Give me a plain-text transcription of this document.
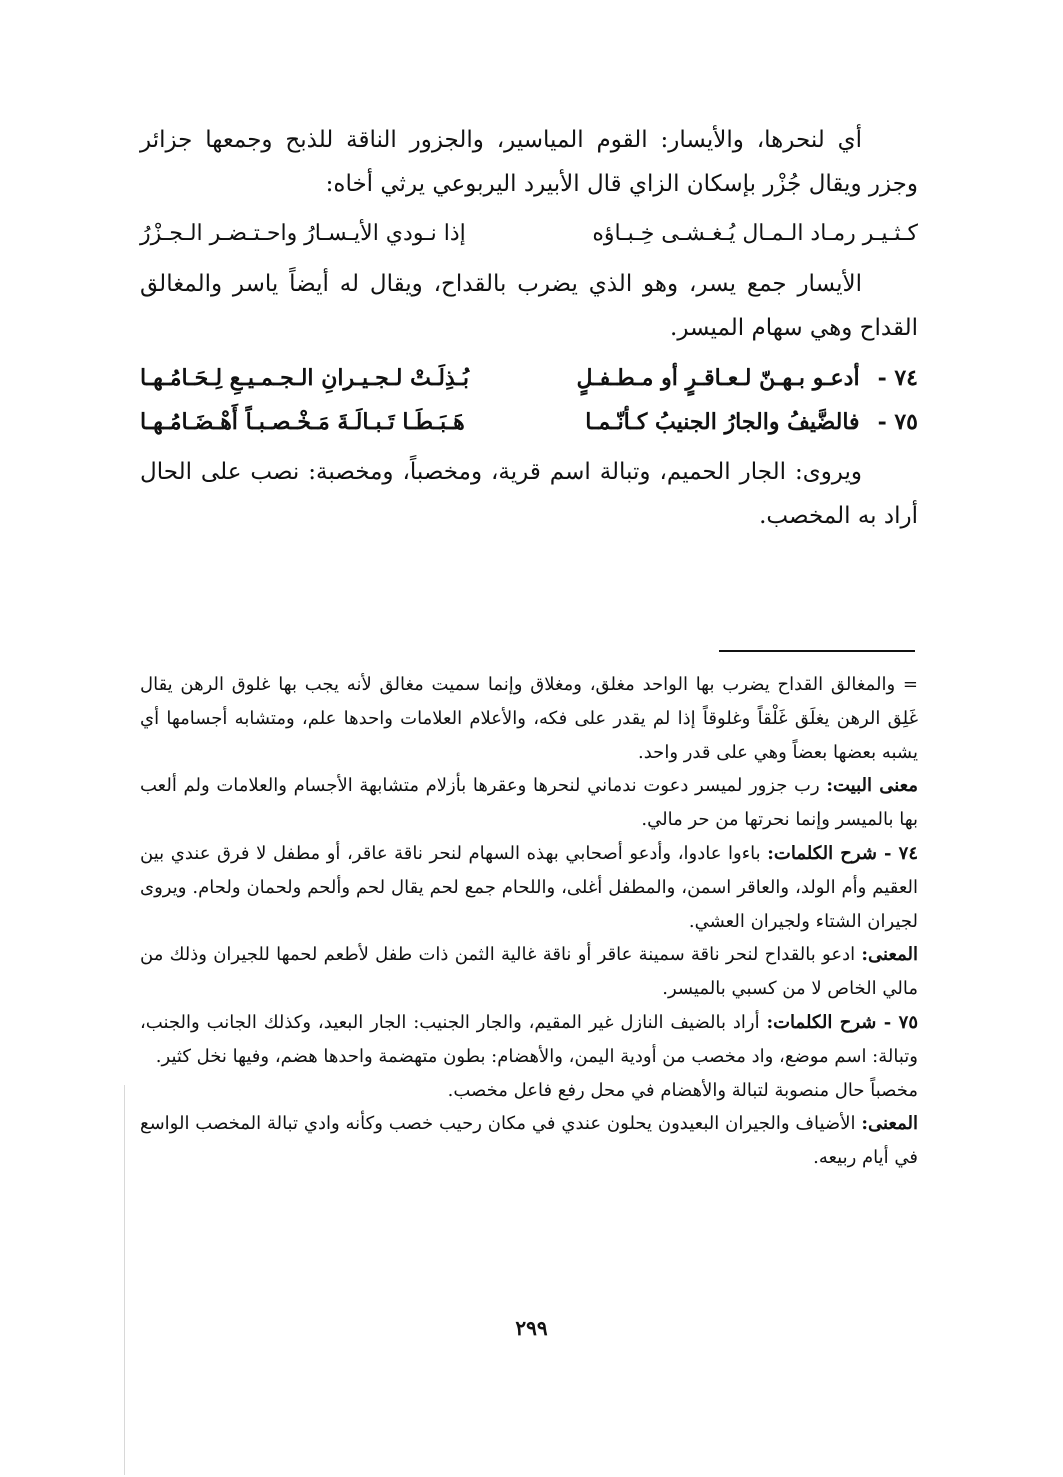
أي لنحرها، والأيسار: القوم المياسير، والجزور الناقة للذبح وجمعها جزائر وجزر ويقال جُزْر بإسكان الزاي قال الأبيرد اليربوعي يرثي أخاه:

كـثـيـر رمـاد الـمـال يُـغـشـى خِـبـاؤه
إذا نـودي الأيـسـارُ واحـتـضـر الـجـزْرُ

الأيسار جمع يسر، وهو الذي يضرب بالقداح، ويقال له أيضاً ياسر والمغالق القداح وهي سهام الميسر.

٧٤ -
أدعـو بـهـنّ لـعـاقـرٍ أو مـطـفـلٍ
بُـذِلَـتْ لـجـيـرانِ الـجـمـيـعِ لِـحَـامُـهـا
٧٥ -
فالضَّيفُ والجارُ الجنيبُ كـأنّـمـا
هَـبَـطَـا تَـبـالَـةَ مَـخْـصـبـاً أَهْـضَـامُـهـا

ويروى: الجار الحميم، وتبالة اسم قرية، ومخصباً، ومخصبة: نصب على الحال أراد به المخصب.

= والمغالق القداح يضرب بها الواحد مغلق، ومغلاق وإنما سميت مغالق لأنه يجب بها غلوق الرهن يقال غَلِق الرهن يغلَق غَلْقاً وغلوقاً إذا لم يقدر على فكه، والأعلام العلامات واحدها علم، ومتشابه أجسامها أي يشبه بعضها بعضاً وهي على قدر واحد.

معنى البيت: رب جزور لميسر دعوت ندماني لنحرها وعقرها بأزلام متشابهة الأجسام والعلامات ولم ألعب بها بالميسر وإنما نحرتها من حر مالي.

٧٤ - شرح الكلمات: باءوا عادوا، وأدعو أصحابي بهذه السهام لنحر ناقة عاقر، أو مطفل لا فرق عندي بين العقيم وأم الولد، والعاقر اسمن، والمطفل أغلى، واللحام جمع لحم يقال لحم وألحم ولحمان ولحام. ويروى لجيران الشتاء ولجيران العشي.

المعنى: ادعو بالقداح لنحر ناقة سمينة عاقر أو ناقة غالية الثمن ذات طفل لأطعم لحمها للجيران وذلك من مالي الخاص لا من كسبي بالميسر.

٧٥ - شرح الكلمات: أراد بالضيف النازل غير المقيم، والجار الجنيب: الجار البعيد، وكذلك الجانب والجنب، وتبالة: اسم موضع، واد مخصب من أودية اليمن، والأهضام: بطون متهضمة واحدها هضم، وفيها نخل كثير.

مخصباً حال منصوبة لتبالة والأهضام في محل رفع فاعل مخصب.

المعنى: الأضياف والجيران البعيدون يحلون عندي في مكان رحيب خصب وكأنه وادي تبالة المخصب الواسع في أيام ربيعه.

٢٩٩
